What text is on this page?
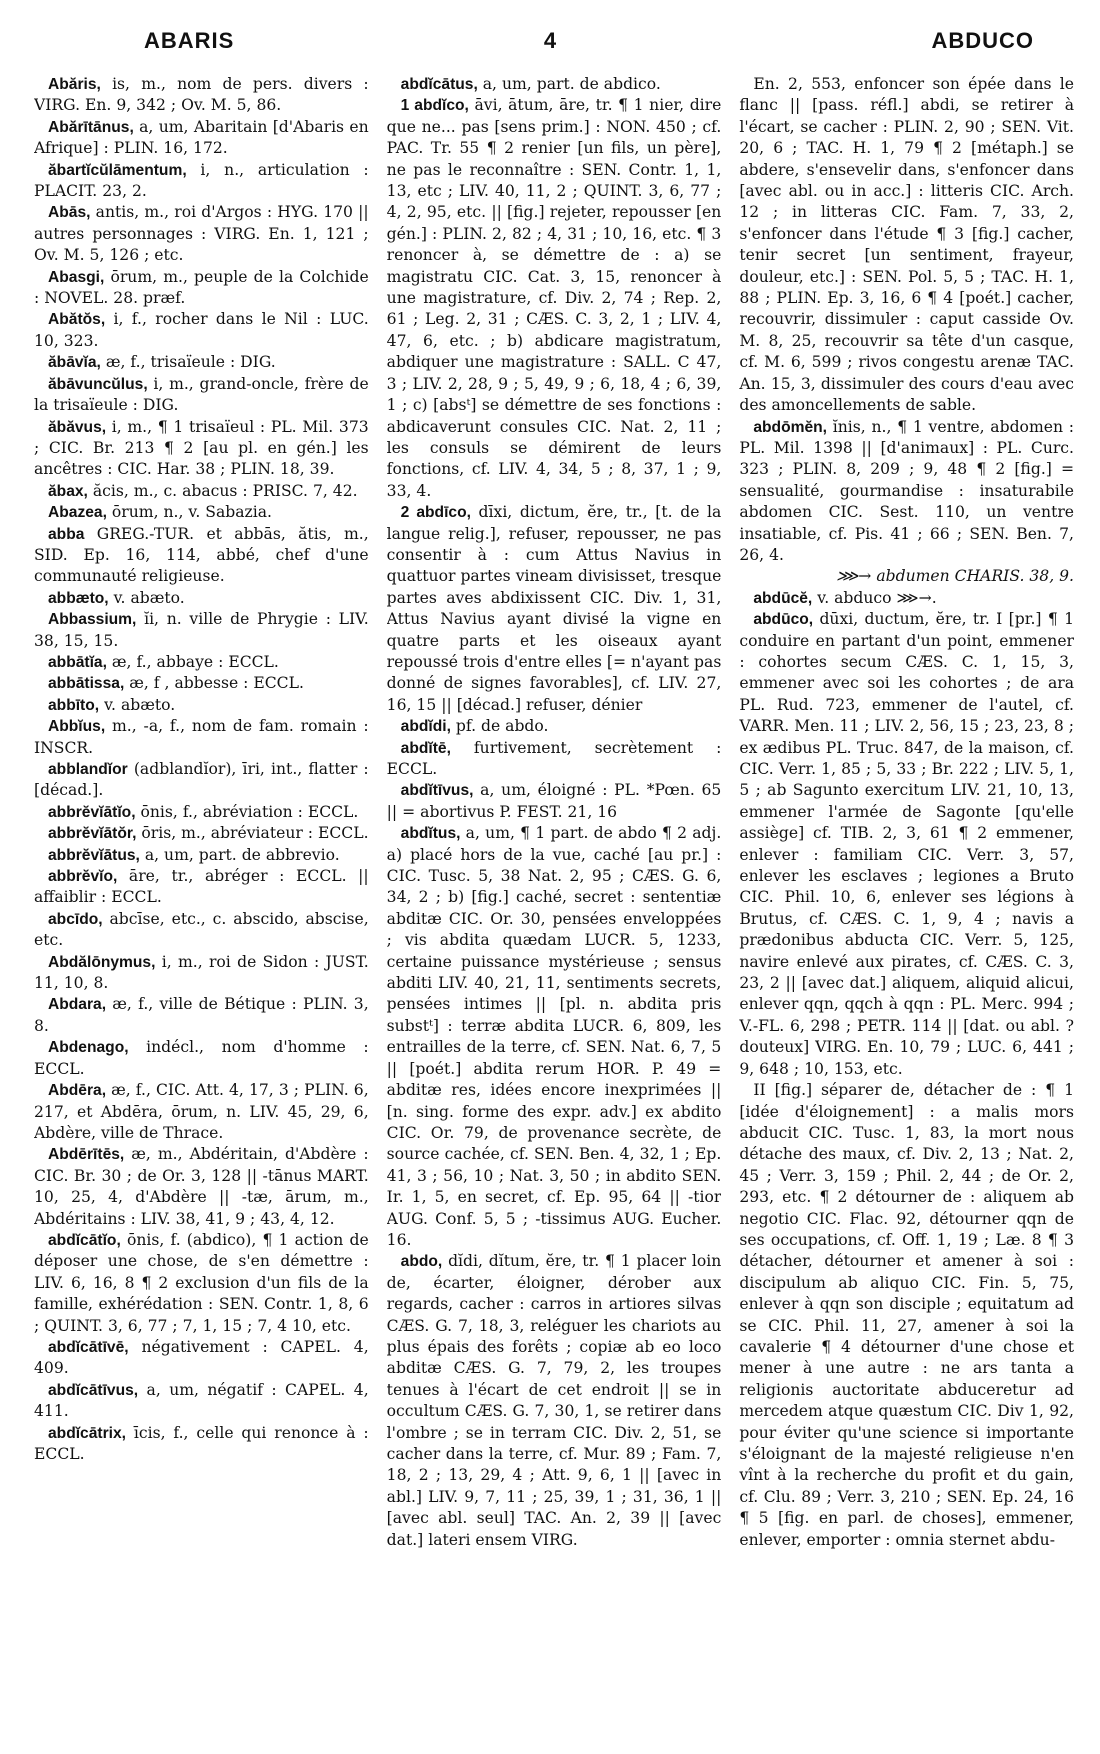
ABARIS	4	ABDUCO

Abăris, is, m., nom de pers. divers : VIRG. En. 9, 342 ; Ov. M. 5, 86.

Abărītānus, a, um, Abaritain [d'Abaris en Afrique] : PLIN. 16, 172.

ăbartĭcŭlāmentum, i, n., articulation : PLACIT. 23, 2.

Abās, antis, m., roi d'Argos : HYG. 170 || autres personnages : VIRG. En. 1, 121 ; Ov. M. 5, 126 ; etc.

Abasgi, ōrum, m., peuple de la Colchide : NOVEL. 28. præf.

Abătŏs, i, f., rocher dans le Nil : LUC. 10, 323.

ăbāvĭa, æ, f., trisaïeule : DIG.

ăbāvuncŭlus, i, m., grand-oncle, frère de la trisaïeule : DIG.

ăbăvus, i, m., ¶ 1 trisaïeul : PL. Mil. 373 ; CIC. Br. 213 ¶ 2 [au pl. en gén.] les ancêtres : CIC. Har. 38 ; PLIN. 18, 39.

ăbax, ăcis, m., c. abacus : PRISC. 7, 42.

Abazea, ōrum, n., v. Sabazia.

abba GREG.-TUR. et abbās, ătis, m., SID. Ep. 16, 114, abbé, chef d'une communauté religieuse.

abbæto, v. abæto.

Abbassium, ĭi, n. ville de Phrygie : LIV. 38, 15, 15.

abbātĭa, æ, f., abbaye : ECCL.

abbātissa, æ, f , abbesse : ECCL.

abbīto, v. abæto.

Abbĭus, m., -a, f., nom de fam. romain : INSCR.

abblandĭor (adblandĭor), īri, int., flatter : [décad.].

abbrĕvĭātĭo, ōnis, f., abréviation : ECCL.

abbrĕvĭātŏr, ōris, m., abréviateur : ECCL.

abbrĕvĭātus, a, um, part. de abbrevio.

abbrĕvĭo, āre, tr., abréger : ECCL. || affaiblir : ECCL.

abcīdo, abcīse, etc., c. abscido, abscise, etc.

Abdălōnymus, i, m., roi de Sidon : JUST. 11, 10, 8.

Abdara, æ, f., ville de Bétique : PLIN. 3, 8.

Abdenago, indécl., nom d'homme : ECCL.

Abdēra, æ, f., CIC. Att. 4, 17, 3 ; PLIN. 6, 217, et Abdēra, ōrum, n. LIV. 45, 29, 6, Abdère, ville de Thrace.

Abdērītēs, æ, m., Abdéritain, d'Abdère : CIC. Br. 30 ; de Or. 3, 128 || -tānus MART. 10, 25, 4, d'Abdère || -tæ, ārum, m., Abdéritains : LIV. 38, 41, 9 ; 43, 4, 12.

abdĭcātĭo, ōnis, f. (abdico), ¶ 1 action de déposer une chose, de s'en démettre : LIV. 6, 16, 8 ¶ 2 exclusion d'un fils de la famille, exhérédation : SEN. Contr. 1, 8, 6 ; QUINT. 3, 6, 77 ; 7, 1, 15 ; 7, 4 10, etc.

abdĭcātīvē, négativement : CAPEL. 4, 409.

abdĭcātīvus, a, um, négatif : CAPEL. 4, 411.

abdĭcātrix, īcis, f., celle qui renonce à : ECCL.

abdĭcātus, a, um, part. de abdico.

1 abdĭco, āvi, ātum, āre, tr. ¶ 1 nier, dire que ne... pas [sens prim.] : NON. 450 ; cf. PAC. Tr. 55 ¶ 2 renier [un fils, un père], ne pas le reconnaître : SEN. Contr. 1, 1, 13, etc ; LIV. 40, 11, 2 ; QUINT. 3, 6, 77 ; 4, 2, 95, etc. || [fig.] rejeter, repousser [en gén.] : PLIN. 2, 82 ; 4, 31 ; 10, 16, etc. ¶ 3 renoncer à, se démettre de : a) se magistratu CIC. Cat. 3, 15, renoncer à une magistrature, cf. Div. 2, 74 ; Rep. 2, 61 ; Leg. 2, 31 ; CÆS. C. 3, 2, 1 ; LIV. 4, 47, 6, etc. ; b) abdicare magistratum, abdiquer une magistrature : SALL. C 47, 3 ; LIV. 2, 28, 9 ; 5, 49, 9 ; 6, 18, 4 ; 6, 39, 1 ; c) [absᵗ] se démettre de ses fonctions : abdicaverunt consules CIC. Nat. 2, 11 ; les consuls se démirent de leurs fonctions, cf. LIV. 4, 34, 5 ; 8, 37, 1 ; 9, 33, 4.

2 abdīco, dīxi, dictum, ĕre, tr., [t. de la langue relig.], refuser, repousser, ne pas consentir à : cum Attus Navius in quattuor partes vineam divisisset, tresque partes aves abdixissent CIC. Div. 1, 31, Attus Navius ayant divisé la vigne en quatre parts et les oiseaux ayant repoussé trois d'entre elles [= n'ayant pas donné de signes favorables], cf. LIV. 27, 16, 15 || [décad.] refuser, dénier

abdĭdi, pf. de abdo.

abdĭtē, furtivement, secrètement : ECCL.

abdĭtīvus, a, um, éloigné : PL. *Pœn. 65 || = abortivus P. FEST. 21, 16

abdĭtus, a, um, ¶ 1 part. de abdo ¶ 2 adj. a) placé hors de la vue, caché [au pr.] : CIC. Tusc. 5, 38 Nat. 2, 95 ; CÆS. G. 6, 34, 2 ; b) [fig.] caché, secret : sententiæ abditæ CIC. Or. 30, pensées enveloppées ; vis abdita quædam LUCR. 5, 1233, certaine puissance mystérieuse ; sensus abditi LIV. 40, 21, 11, sentiments secrets, pensées intimes || [pl. n. abdita pris substᵗ] : terræ abdita LUCR. 6, 809, les entrailles de la terre, cf. SEN. Nat. 6, 7, 5 || [poét.] abdita rerum HOR. P. 49 = abditæ res, idées encore inexprimées || [n. sing. forme des expr. adv.] ex abdito CIC. Or. 79, de provenance secrète, de source cachée, cf. SEN. Ben. 4, 32, 1 ; Ep. 41, 3 ; 56, 10 ; Nat. 3, 50 ; in abdito SEN. Ir. 1, 5, en secret, cf. Ep. 95, 64 || -tior AUG. Conf. 5, 5 ; -tissimus AUG. Eucher. 16.

abdo, dĭdi, dĭtum, ĕre, tr. ¶ 1 placer loin de, écarter, éloigner, dérober aux regards, cacher : carros in artiores silvas CÆS. G. 7, 18, 3, reléguer les chariots au plus épais des forêts ; copiæ ab eo loco abditæ CÆS. G. 7, 79, 2, les troupes tenues à l'écart de cet endroit || se in occultum CÆS. G. 7, 30, 1, se retirer dans l'ombre ; se in terram CIC. Div. 2, 51, se cacher dans la terre, cf. Mur. 89 ; Fam. 7, 18, 2 ; 13, 29, 4 ; Att. 9, 6, 1 || [avec in abl.] LIV. 9, 7, 11 ; 25, 39, 1 ; 31, 36, 1 || [avec abl. seul] TAC. An. 2, 39 || [avec dat.] lateri ensem VIRG.

En. 2, 553, enfoncer son épée dans le flanc || [pass. réfl.] abdi, se retirer à l'écart, se cacher : PLIN. 2, 90 ; SEN. Vit. 20, 6 ; TAC. H. 1, 79 ¶ 2 [métaph.] se abdere, s'ensevelir dans, s'enfoncer dans [avec abl. ou in acc.] : litteris CIC. Arch. 12 ; in litteras CIC. Fam. 7, 33, 2, s'enfoncer dans l'étude ¶ 3 [fig.] cacher, tenir secret [un sentiment, frayeur, douleur, etc.] : SEN. Pol. 5, 5 ; TAC. H. 1, 88 ; PLIN. Ep. 3, 16, 6 ¶ 4 [poét.] cacher, recouvrir, dissimuler : caput casside Ov. M. 8, 25, recouvrir sa tête d'un casque, cf. M. 6, 599 ; rivos congestu arenæ TAC. An. 15, 3, dissimuler des cours d'eau avec des amoncellements de sable.

abdōmĕn, ĭnis, n., ¶ 1 ventre, abdomen : PL. Mil. 1398 || [d'animaux] : PL. Curc. 323 ; PLIN. 8, 209 ; 9, 48 ¶ 2 [fig.] = sensualité, gourmandise : insaturabile abdomen CIC. Sest. 110, un ventre insatiable, cf. Pis. 41 ; 66 ; SEN. Ben. 7, 26, 4.

⋙→ abdumen CHARIS. 38, 9.

abdūcĕ, v. abduco ⋙→.

abdūco, dūxi, ductum, ĕre, tr. I [pr.] ¶ 1 conduire en partant d'un point, emmener : cohortes secum CÆS. C. 1, 15, 3, emmener avec soi les cohortes ; de ara PL. Rud. 723, emmener de l'autel, cf. VARR. Men. 11 ; LIV. 2, 56, 15 ; 23, 23, 8 ; ex ædibus PL. Truc. 847, de la maison, cf. CIC. Verr. 1, 85 ; 5, 33 ; Br. 222 ; LIV. 5, 1, 5 ; ab Sagunto exercitum LIV. 21, 10, 13, emmener l'armée de Sagonte [qu'elle assiège] cf. TIB. 2, 3, 61 ¶ 2 emmener, enlever : familiam CIC. Verr. 3, 57, enlever les esclaves ; legiones a Bruto CIC. Phil. 10, 6, enlever ses légions à Brutus, cf. CÆS. C. 1, 9, 4 ; navis a prædonibus abducta CIC. Verr. 5, 125, navire enlevé aux pirates, cf. CÆS. C. 3, 23, 2 || [avec dat.] aliquem, aliquid alicui, enlever qqn, qqch à qqn : PL. Merc. 994 ; V.-FL. 6, 298 ; PETR. 114 || [dat. ou abl. ? douteux] VIRG. En. 10, 79 ; LUC. 6, 441 ; 9, 648 ; 10, 153, etc.

II [fig.] séparer de, détacher de : ¶ 1 [idée d'éloignement] : a malis mors abducit CIC. Tusc. 1, 83, la mort nous détache des maux, cf. Div. 2, 13 ; Nat. 2, 45 ; Verr. 3, 159 ; Phil. 2, 44 ; de Or. 2, 293, etc. ¶ 2 détourner de : aliquem ab negotio CIC. Flac. 92, détourner qqn de ses occupations, cf. Off. 1, 19 ; Læ. 8 ¶ 3 détacher, détourner et amener à soi : discipulum ab aliquo CIC. Fin. 5, 75, enlever à qqn son disciple ; equitatum ad se CIC. Phil. 11, 27, amener à soi la cavalerie ¶ 4 détourner d'une chose et mener à une autre : ne ars tanta a religionis auctoritate abduceretur ad mercedem atque quæstum CIC. Div 1, 92, pour éviter qu'une science si importante s'éloignant de la majesté religieuse n'en vînt à la recherche du profit et du gain, cf. Clu. 89 ; Verr. 3, 210 ; SEN. Ep. 24, 16 ¶ 5 [fig. en parl. de choses], emmener, enlever, emporter : omnia sternet abdu-
